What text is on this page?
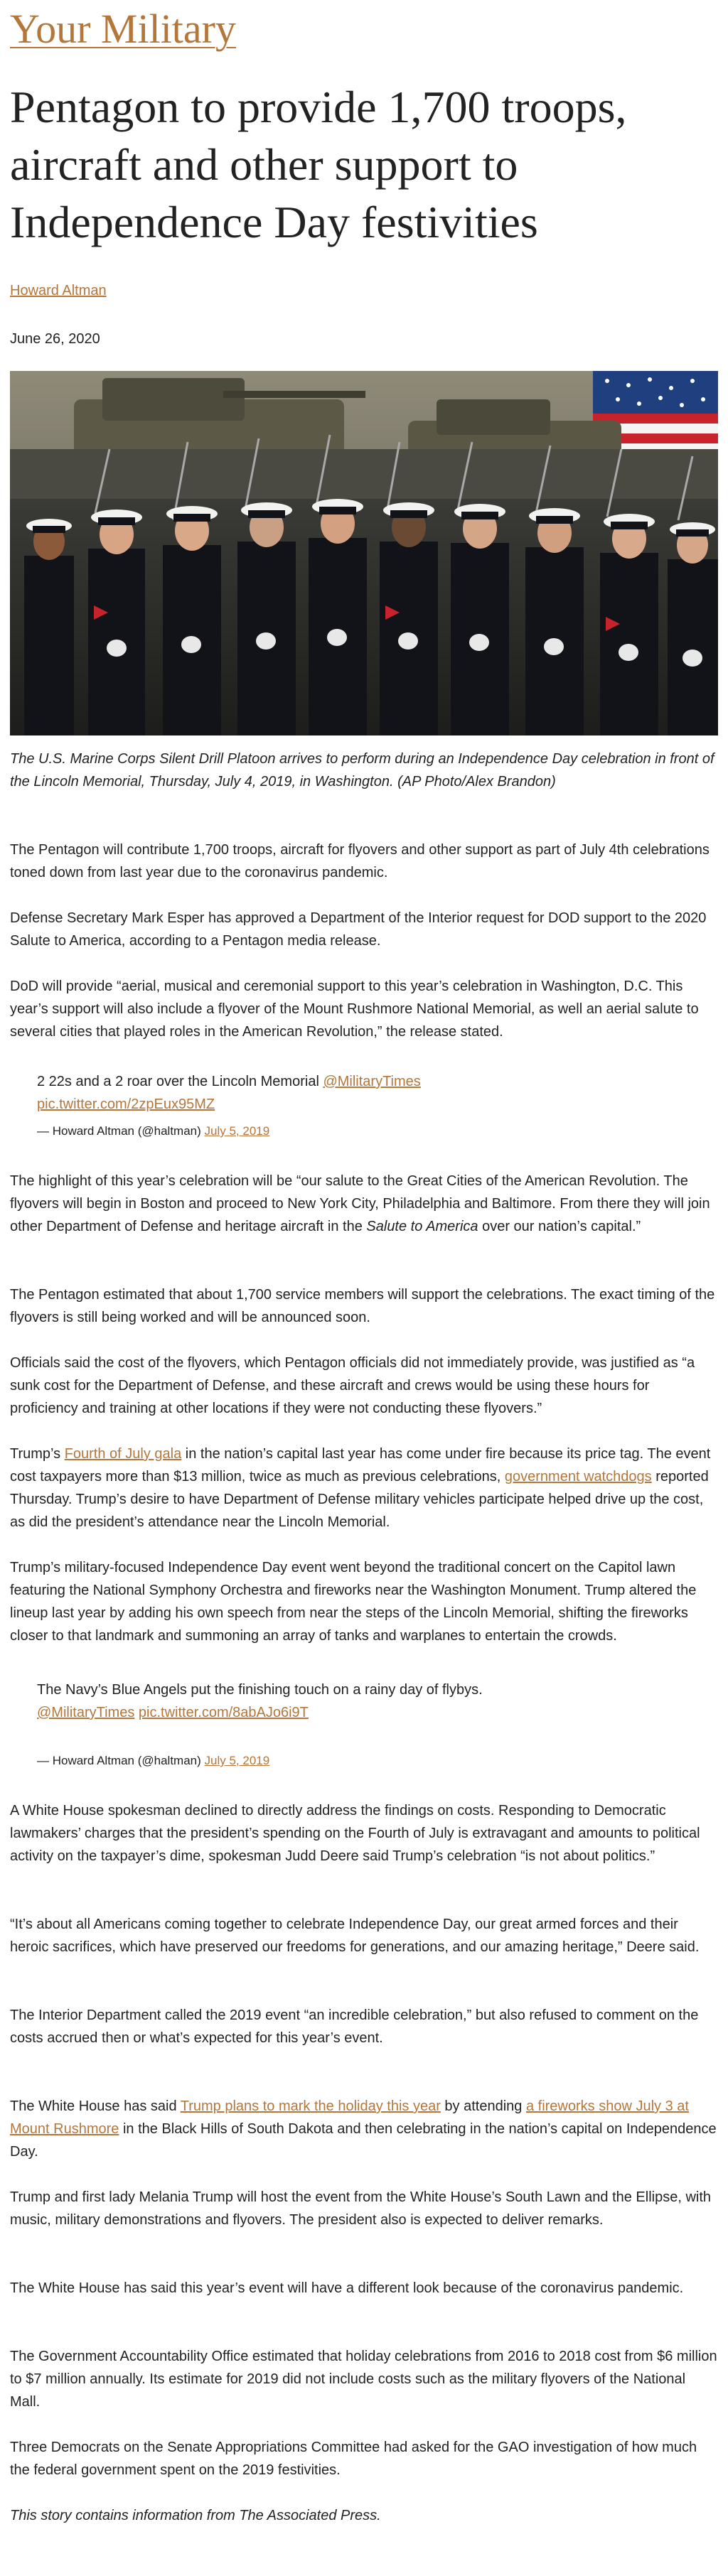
Your Military
Pentagon to provide 1,700 troops, aircraft and other support to Independence Day festivities
Howard Altman
June 26, 2020

The U.S. Marine Corps Silent Drill Platoon arrives to perform during an Independence Day celebration in front of the Lincoln Memorial, Thursday, July 4, 2019, in Washington. (AP Photo/Alex Brandon)

The Pentagon will contribute 1,700 troops, aircraft for flyovers and other support as part of July 4th celebrations toned down from last year due to the coronavirus pandemic.

Defense Secretary Mark Esper has approved a Department of the Interior request for DOD support to the 2020 Salute to America, according to a Pentagon media release.

DoD will provide “aerial, musical and ceremonial support to this year’s celebration in Washington, D.C. This year’s support will also include a flyover of the Mount Rushmore National Memorial, as well an aerial salute to several cities that played roles in the American Revolution,” the release stated.

2 22s and a 2 roar over the Lincoln Memorial @MilitaryTimes pic.twitter.com/2zpEux95MZ

— Howard Altman (@haltman) July 5, 2019

The highlight of this year’s celebration will be “our salute to the Great Cities of the American Revolution. The flyovers will begin in Boston and proceed to New York City, Philadelphia and Baltimore. From there they will join other Department of Defense and heritage aircraft in the Salute to America over our nation’s capital.”

The Pentagon estimated that about 1,700 service members will support the celebrations. The exact timing of the flyovers is still being worked and will be announced soon.

Officials said the cost of the flyovers, which Pentagon officials did not immediately provide, was justified as “a sunk cost for the Department of Defense, and these aircraft and crews would be using these hours for proficiency and training at other locations if they were not conducting these flyovers.”

Trump’s Fourth of July gala in the nation’s capital last year has come under fire because its price tag. The event cost taxpayers more than $13 million, twice as much as previous celebrations, government watchdogs reported Thursday. Trump’s desire to have Department of Defense military vehicles participate helped drive up the cost, as did the president’s attendance near the Lincoln Memorial.

Trump’s military-focused Independence Day event went beyond the traditional concert on the Capitol lawn featuring the National Symphony Orchestra and fireworks near the Washington Monument. Trump altered the lineup last year by adding his own speech from near the steps of the Lincoln Memorial, shifting the fireworks closer to that landmark and summoning an array of tanks and warplanes to entertain the crowds.

The Navy’s Blue Angels put the finishing touch on a rainy day of flybys. @MilitaryTimes pic.twitter.com/8abAJo6i9T

— Howard Altman (@haltman) July 5, 2019

A White House spokesman declined to directly address the findings on costs. Responding to Democratic lawmakers’ charges that the president’s spending on the Fourth of July is extravagant and amounts to political activity on the taxpayer’s dime, spokesman Judd Deere said Trump’s celebration “is not about politics.”

“It’s about all Americans coming together to celebrate Independence Day, our great armed forces and their heroic sacrifices, which have preserved our freedoms for generations, and our amazing heritage,” Deere said.

The Interior Department called the 2019 event “an incredible celebration,” but also refused to comment on the costs accrued then or what’s expected for this year’s event.

The White House has said Trump plans to mark the holiday this year by attending a fireworks show July 3 at Mount Rushmore in the Black Hills of South Dakota and then celebrating in the nation’s capital on Independence Day.

Trump and first lady Melania Trump will host the event from the White House’s South Lawn and the Ellipse, with music, military demonstrations and flyovers. The president also is expected to deliver remarks.

The White House has said this year’s event will have a different look because of the coronavirus pandemic.

The Government Accountability Office estimated that holiday celebrations from 2016 to 2018 cost from $6 million to $7 million annually. Its estimate for 2019 did not include costs such as the military flyovers of the National Mall.

Three Democrats on the Senate Appropriations Committee had asked for the GAO investigation of how much the federal government spent on the 2019 festivities.

This story contains information from The Associated Press.
